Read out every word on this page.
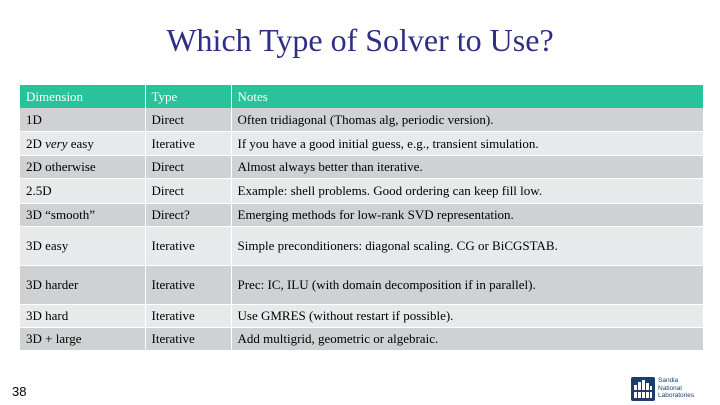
Which Type of Solver to Use?
Dimension	Type	Notes
1D	Direct	Often tridiagonal (Thomas alg, periodic version).
2D very easy	Iterative	If you have a good initial guess, e.g., transient simulation.
2D otherwise	Direct	Almost always better than iterative.
2.5D	Direct	Example: shell problems. Good ordering can keep fill low.
3D “smooth”	Direct?	Emerging methods for low-rank SVD representation.
3D easy	Iterative	Simple preconditioners: diagonal scaling. CG or BiCGSTAB.
3D harder	Iterative	Prec: IC, ILU (with domain decomposition if in parallel).
3D hard	Iterative	Use GMRES (without restart if possible).
3D + large	Iterative	Add multigrid, geometric or algebraic.
38
Sandia
National
Laboratories
